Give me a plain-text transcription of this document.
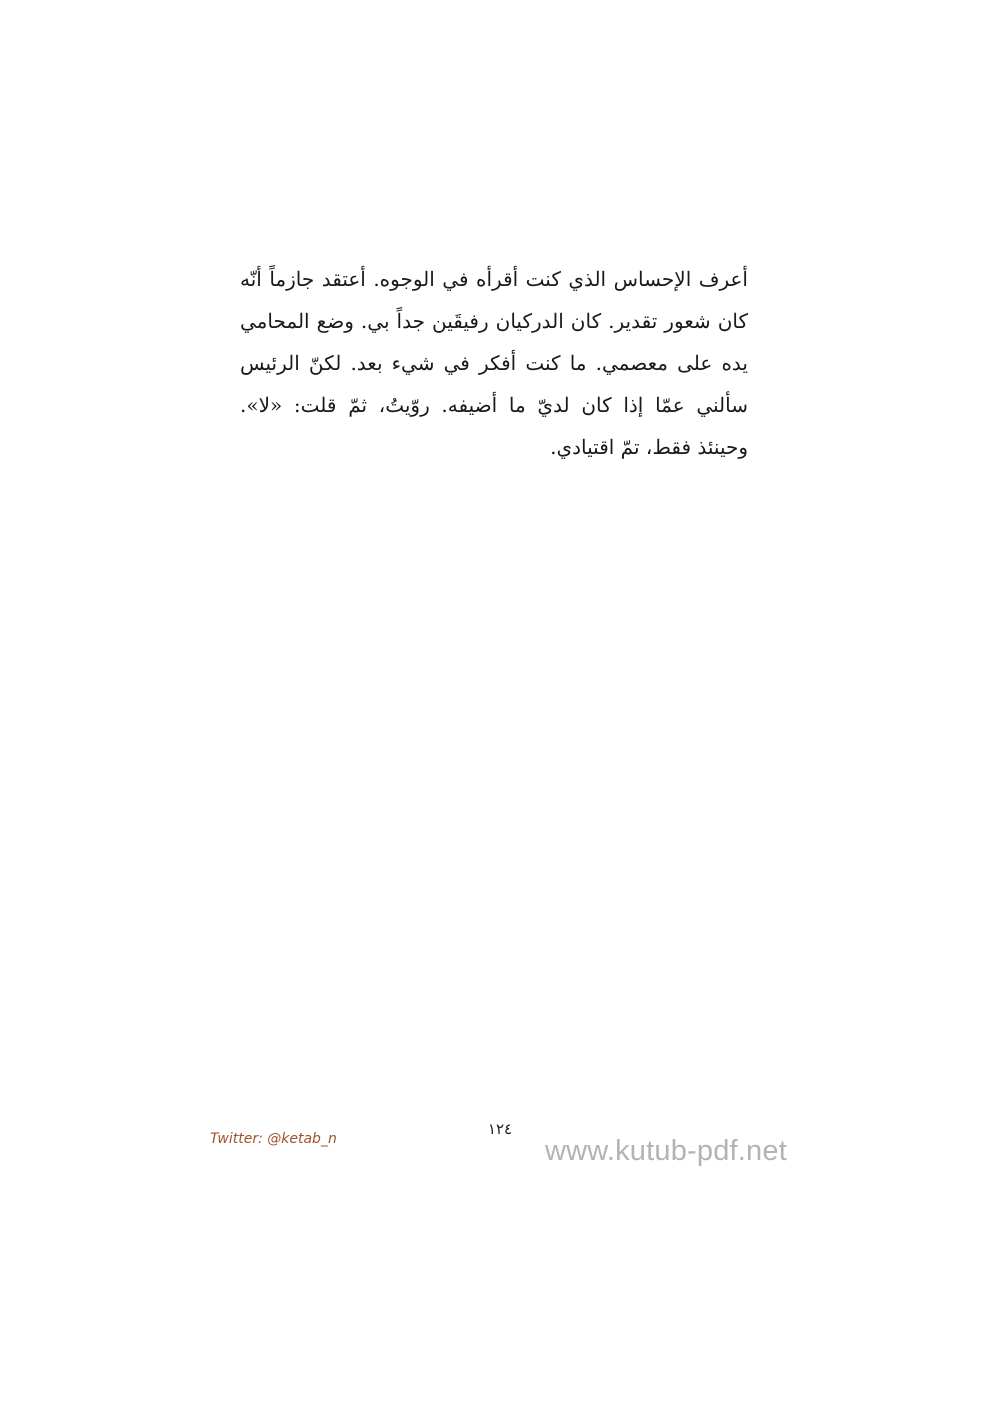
أعرف الإحساس الذي كنت أقرأه في الوجوه. أعتقد جازماً أنّه
كان شعور تقدير. كان الدركيان رفيقَين جداً بي. وضع المحامي
يده على معصمي. ما كنت أفكر في شيء بعد. لكنّ الرئيس
سألني عمّا إذا كان لديّ ما أضيفه. روّيتُ، ثمّ قلت: «لا».
وحينئذ فقط، تمّ اقتيادي.
١٢٤
Twitter: @ketab_n	www.kutub-pdf.net
